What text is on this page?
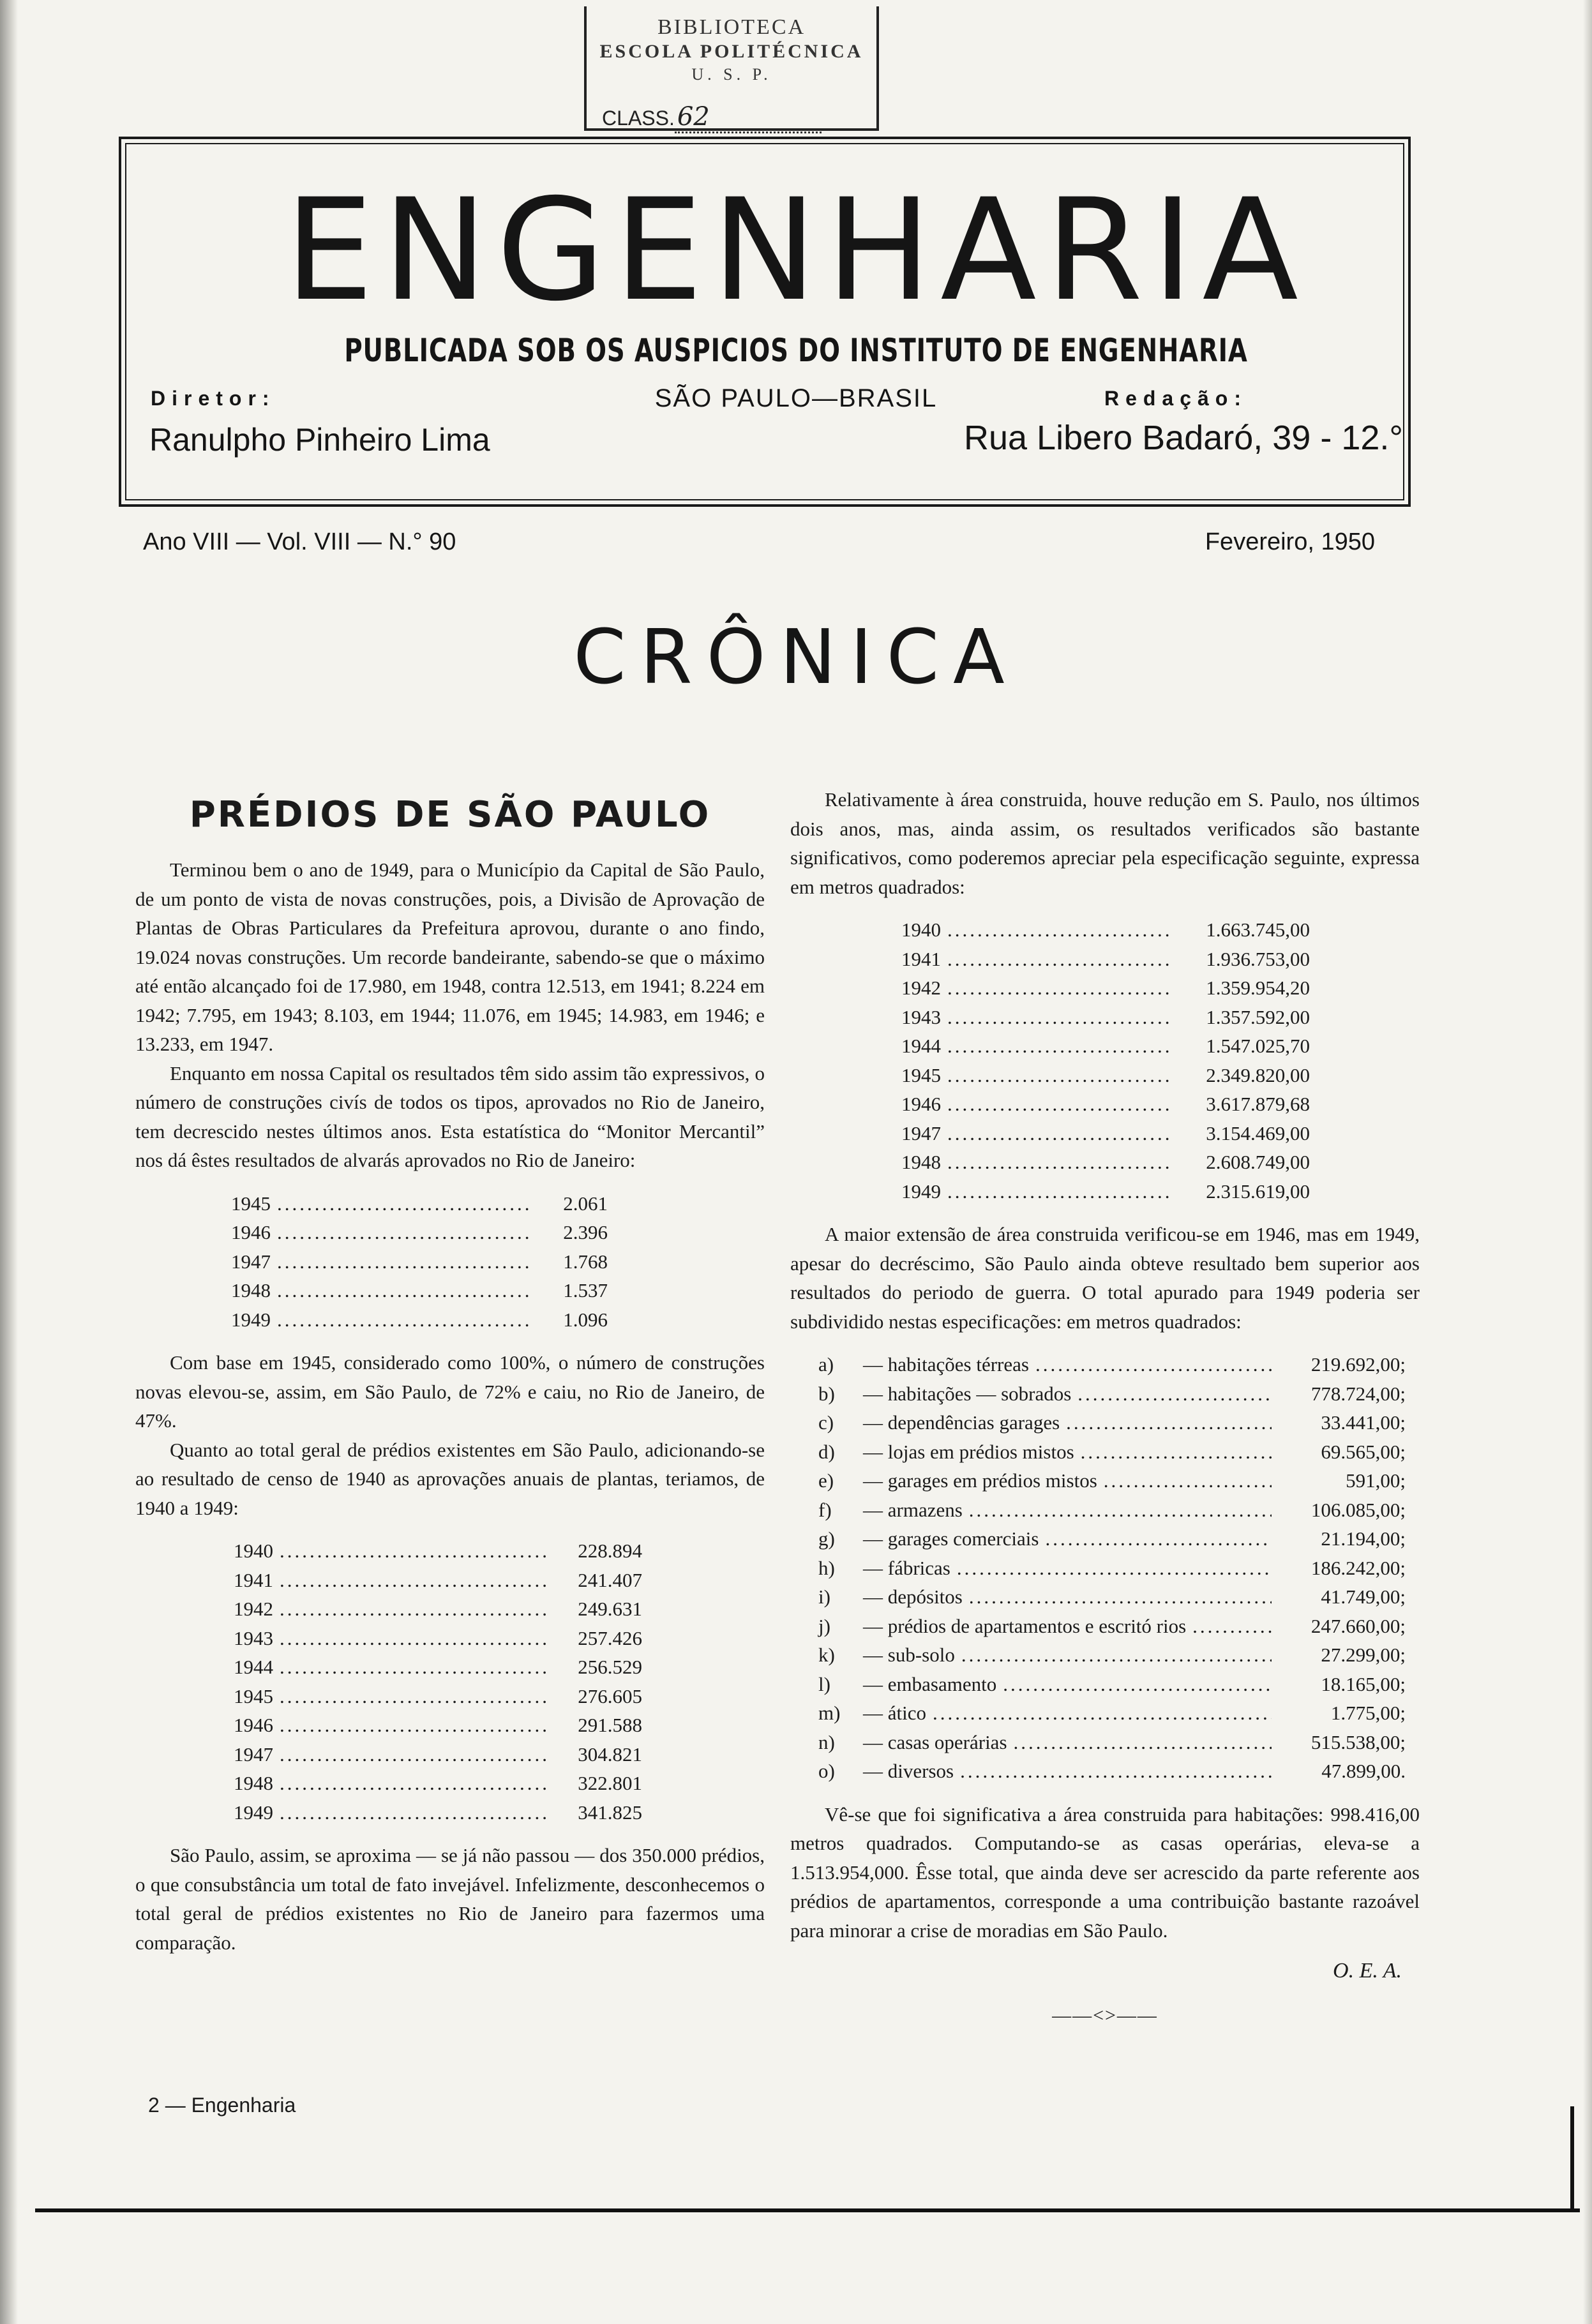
BIBLIOTECA
ESCOLA POLITÉCNICA
U. S. P.
CLASS. 62
ENGENHARIA
PUBLICADA SOB OS AUSPICIOS DO INSTITUTO DE ENGENHARIA
Diretor:	SÃO PAULO—BRASIL	Redação:
Ranulpho Pinheiro Lima	Rua Libero Badaró, 39 - 12.°
Ano VIII — Vol. VIII — N.° 90	Fevereiro, 1950
CRÔNICA
PRÉDIOS DE SÃO PAULO

Terminou bem o ano de 1949, para o Município da Capital de São Paulo, de um ponto de vista de novas construções, pois, a Divisão de Aprovação de Plantas de Obras Particulares da Prefeitura aprovou, durante o ano findo, 19.024 novas construções. Um recorde bandeirante, sabendo-se que o máximo até então alcançado foi de 17.980, em 1948, contra 12.513, em 1941; 8.224 em 1942; 7.795, em 1943; 8.103, em 1944; 11.076, em 1945; 14.983, em 1946; e 13.233, em 1947.

Enquanto em nossa Capital os resultados têm sido assim tão expressivos, o número de construções civís de todos os tipos, aprovados no Rio de Janeiro, tem decrescido nestes últimos anos. Esta estatística do “Monitor Mercantil” nos dá êstes resultados de alvarás aprovados no Rio de Janeiro:

1945 .....	2.061
1946 .....	2.396
1947 .....	1.768
1948 .....	1.537
1949 .....	1.096

Com base em 1945, considerado como 100%, o número de construções novas elevou-se, assim, em São Paulo, de 72% e caiu, no Rio de Janeiro, de 47%.

Quanto ao total geral de prédios existentes em São Paulo, adicionando-se ao resultado de censo de 1940 as aprovações anuais de plantas, teriamos, de 1940 a 1949:

1940 .....	228.894
1941 .....	241.407
1942 .....	249.631
1943 .....	257.426
1944 .....	256.529
1945 .....	276.605
1946 .....	291.588
1947 .....	304.821
1948 .....	322.801
1949 .....	341.825

São Paulo, assim, se aproxima — se já não passou — dos 350.000 prédios, o que consubstância um total de fato invejável. Infelizmente, desconhecemos o total geral de prédios existentes no Rio de Janeiro para fazermos uma comparação.

Relativamente à área construida, houve redução em S. Paulo, nos últimos dois anos, mas, ainda assim, os resultados verificados são bastante significativos, como poderemos apreciar pela especificação seguinte, expressa em metros quadrados:

1940 .....	1.663.745,00
1941 .....	1.936.753,00
1942 .....	1.359.954,20
1943 .....	1.357.592,00
1944 .....	1.547.025,70
1945 .....	2.349.820,00
1946 .....	3.617.879,68
1947 .....	3.154.469,00
1948 .....	2.608.749,00
1949 .....	2.315.619,00

A maior extensão de área construida verificou-se em 1946, mas em 1949, apesar do decréscimo, São Paulo ainda obteve resultado bem superior aos resultados do periodo de guerra. O total apurado para 1949 poderia ser subdividido nestas especificações: em metros quadrados:

a)	— habitações térreas .....	219.692,00;
b)	— habitações — sobrados .....	778.724,00;
c)	— dependências garages .....	33.441,00;
d)	— lojas em prédios mistos .....	69.565,00;
e)	— garages em prédios mistos .....	591,00;
f)	— armazens .....	106.085,00;
g)	— garages comerciais .....	21.194,00;
h)	— fábricas .....	186.242,00;
i)	— depósitos .....	41.749,00;
j)	— prédios de apartamentos e escritó rios .....	247.660,00;
k)	— sub-solo .....	27.299,00;
l)	— embasamento .....	18.165,00;
m)	— ático .....	1.775,00;
n)	— casas operárias .....	515.538,00;
o)	— diversos .....	47.899,00.

Vê-se que foi significativa a área construida para habitações: 998.416,00 metros quadrados. Computando-se as casas operárias, eleva-se a 1.513.954,000. Êsse total, que ainda deve ser acrescido da parte referente aos prédios de apartamentos, corresponde a uma contribuição bastante razoável para minorar a crise de moradias em São Paulo.

O. E. A.
——<>——
2 — Engenharia
